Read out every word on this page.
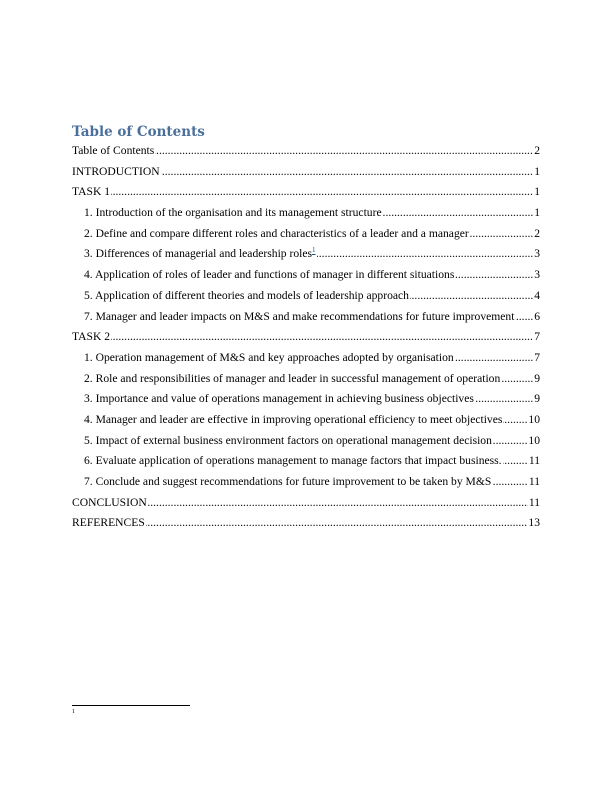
Table of Contents
Table of Contents	2
.....
INTRODUCTION	1
.....
TASK 1	1
.....
1. Introduction of the organisation and its management structure	1
.....
2. Define and compare different roles and characteristics of a leader and a manager	2
.....
3. Differences of managerial and leadership roles$^1$	3
.....
4. Application of roles of leader and functions of manager in different situations	3
.....
5. Application of different theories and models of leadership approach	4
.....
7. Manager and leader impacts on M&S and make recommendations for future improvement 6
.....
TASK 2	7
.....
1. Operation management of M&S and key approaches adopted by organisation	7
.....
2. Role and responsibilities of manager and leader in successful management of operation	9
.....
3. Importance and value of operations management in achieving business objectives	9
.....
4. Manager and leader are effective in improving operational efficiency to meet objectives 10
.....
5. Impact of external business environment factors on operational management decision	10
.....
6. Evaluate application of operations management to manage factors that impact business. 11
.....
7. Conclude and suggest recommendations for future improvement to be taken by M&S	11
.....
CONCLUSION	11
.....
REFERENCES	13
.....
1
